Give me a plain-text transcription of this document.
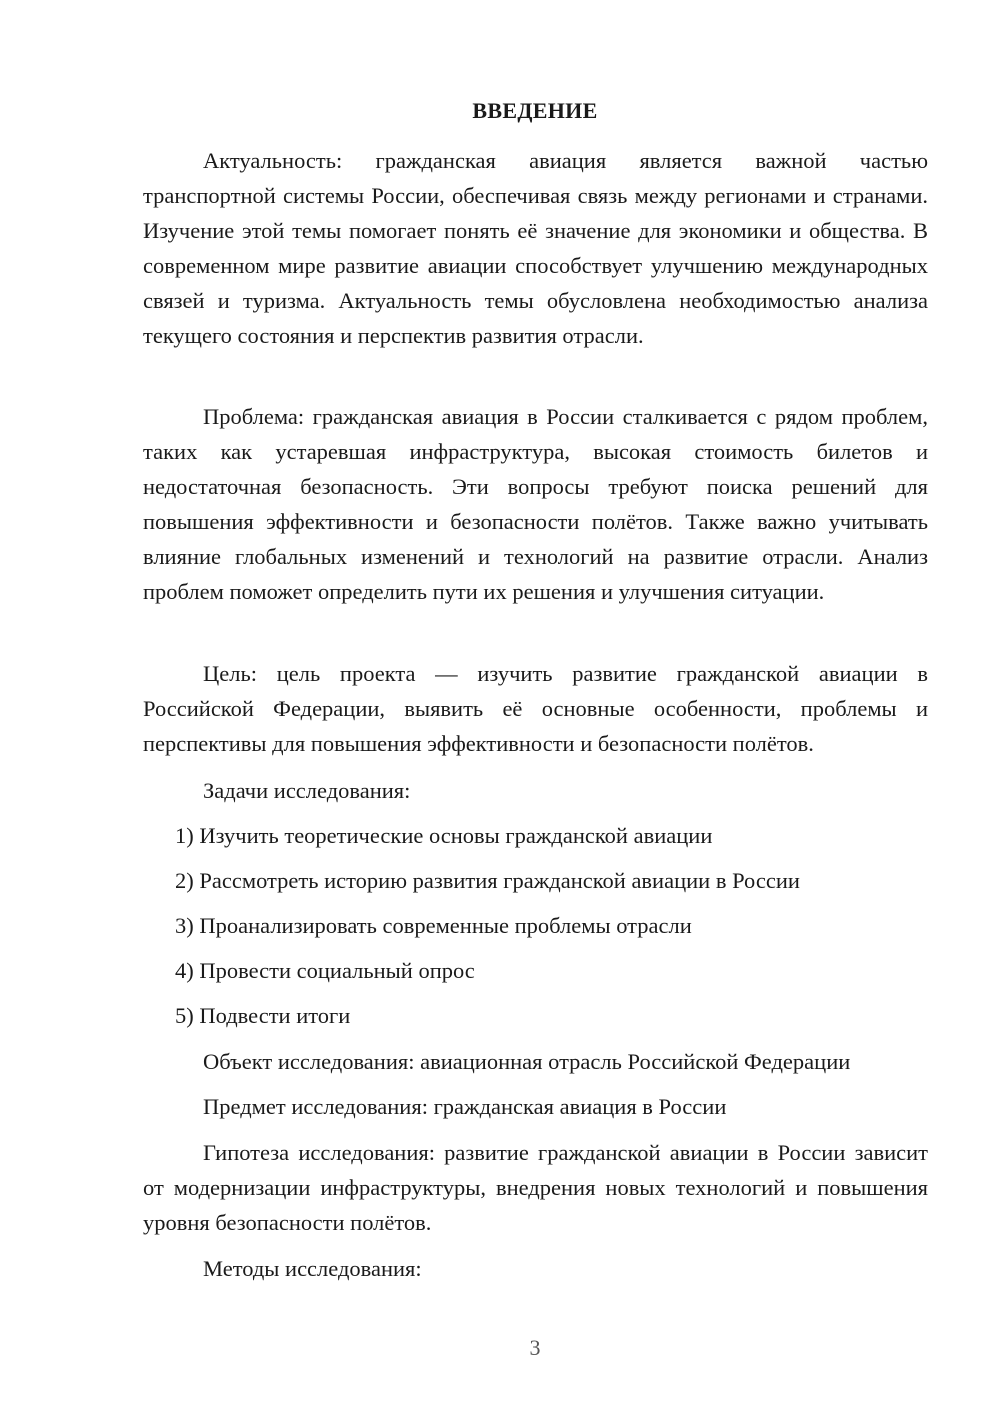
ВВЕДЕНИЕ

Актуальность: гражданская авиация является важной частью транспортной системы России, обеспечивая связь между регионами и странами. Изучение этой темы помогает понять её значение для экономики и общества. В современном мире развитие авиации способствует улучшению международных связей и туризма. Актуальность темы обусловлена необходимостью анализа текущего состояния и перспектив развития отрасли.

Проблема: гражданская авиация в России сталкивается с рядом проблем, таких как устаревшая инфраструктура, высокая стоимость билетов и недостаточная безопасность. Эти вопросы требуют поиска решений для повышения эффективности и безопасности полётов. Также важно учитывать влияние глобальных изменений и технологий на развитие отрасли. Анализ проблем поможет определить пути их решения и улучшения ситуации.

Цель: цель проекта — изучить развитие гражданской авиации в Российской Федерации, выявить её основные особенности, проблемы и перспективы для повышения эффективности и безопасности полётов.

Задачи исследования:

1) Изучить теоретические основы гражданской авиации

2) Рассмотреть историю развития гражданской авиации в России

3) Проанализировать современные проблемы отрасли

4) Провести социальный опрос

5) Подвести итоги

Объект исследования: авиационная отрасль Российской Федерации

Предмет исследования: гражданская авиация в России

Гипотеза исследования: развитие гражданской авиации в России зависит от модернизации инфраструктуры, внедрения новых технологий и повышения уровня безопасности полётов.

Методы исследования:

3
